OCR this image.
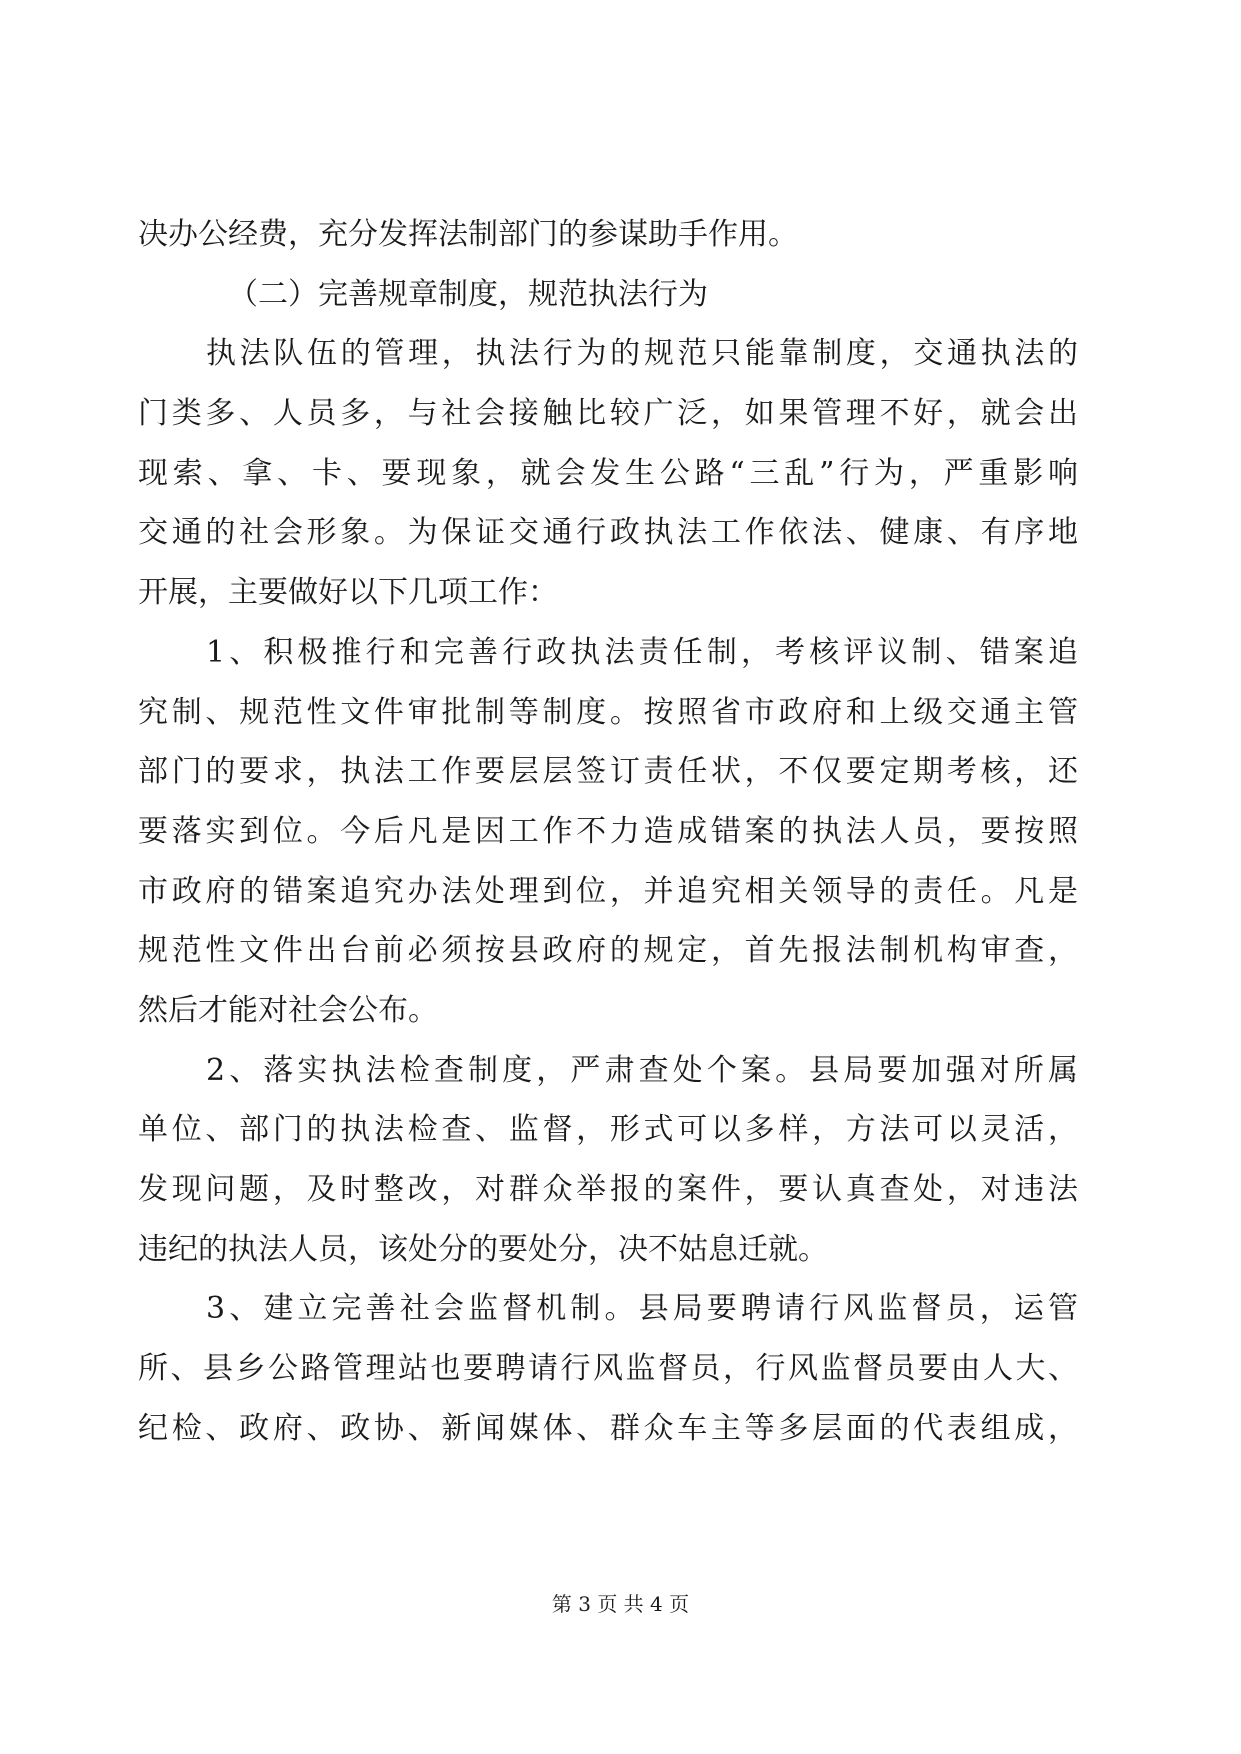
决办公经费，充分发挥法制部门的参谋助手作用。
（二）完善规章制度，规范执法行为
执法队伍的管理，执法行为的规范只能靠制度，交通执法的
门类多、人员多，与社会接触比较广泛，如果管理不好，就会出
现索、拿、卡、要现象，就会发生公路“三乱”行为，严重影响
交通的社会形象。为保证交通行政执法工作依法、健康、有序地
开展，主要做好以下几项工作：
1、积极推行和完善行政执法责任制，考核评议制、错案追
究制、规范性文件审批制等制度。按照省市政府和上级交通主管
部门的要求，执法工作要层层签订责任状，不仅要定期考核，还
要落实到位。今后凡是因工作不力造成错案的执法人员，要按照
市政府的错案追究办法处理到位，并追究相关领导的责任。凡是
规范性文件出台前必须按县政府的规定，首先报法制机构审查，
然后才能对社会公布。
2、落实执法检查制度，严肃查处个案。县局要加强对所属
单位、部门的执法检查、监督，形式可以多样，方法可以灵活，
发现问题，及时整改，对群众举报的案件，要认真查处，对违法
违纪的执法人员，该处分的要处分，决不姑息迁就。
3、建立完善社会监督机制。县局要聘请行风监督员，运管
所、县乡公路管理站也要聘请行风监督员，行风监督员要由人大、
纪检、政府、政协、新闻媒体、群众车主等多层面的代表组成，
第 3 页 共 4 页
